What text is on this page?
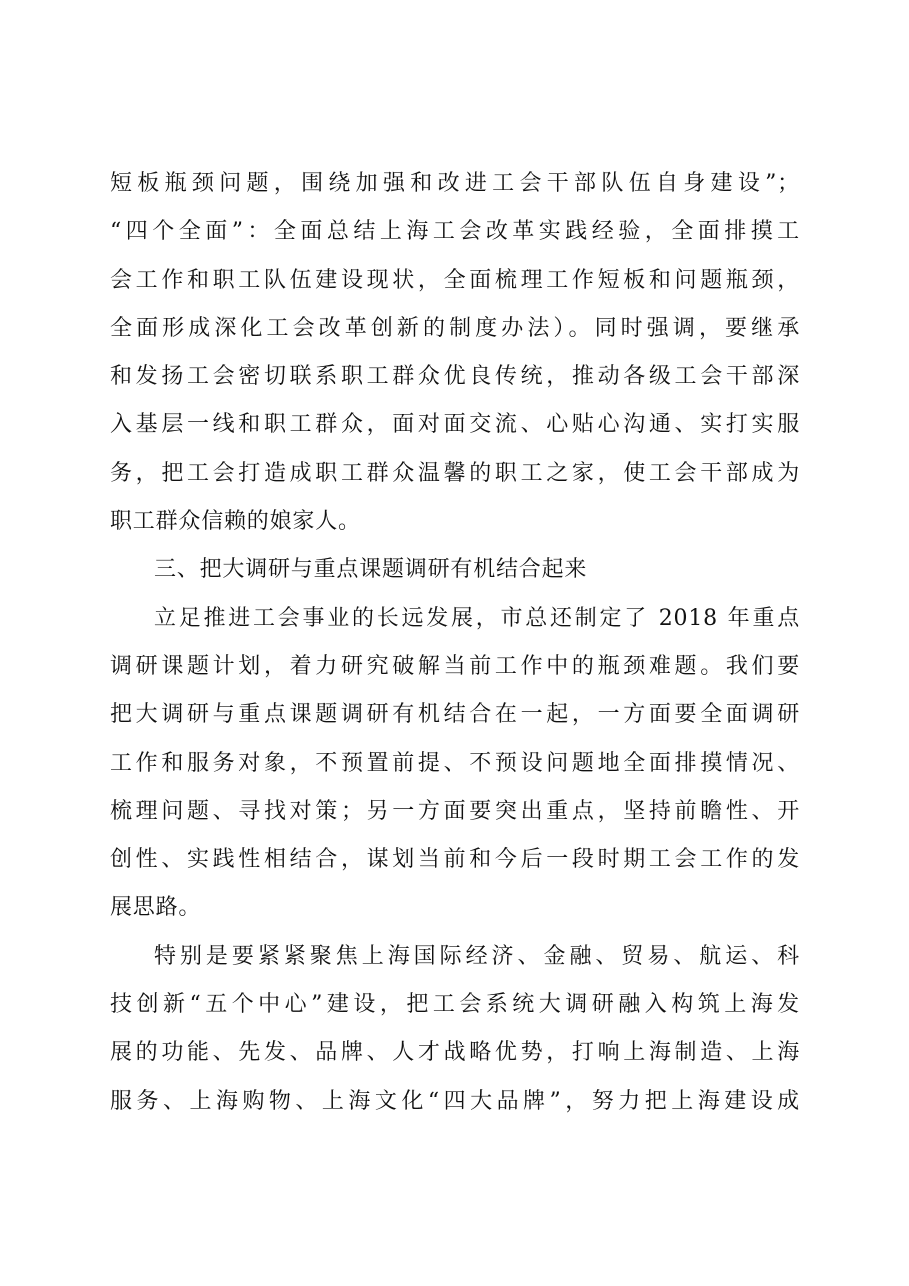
短板瓶颈问题，围绕加强和改进工会干部队伍自身建设”；
“四个全面”：全面总结上海工会改革实践经验，全面排摸工
会工作和职工队伍建设现状，全面梳理工作短板和问题瓶颈，
全面形成深化工会改革创新的制度办法）。同时强调，要继承
和发扬工会密切联系职工群众优良传统，推动各级工会干部深
入基层一线和职工群众，面对面交流、心贴心沟通、实打实服
务，把工会打造成职工群众温馨的职工之家，使工会干部成为
职工群众信赖的娘家人。
三、把大调研与重点课题调研有机结合起来
立足推进工会事业的长远发展，市总还制定了 2018 年重点
调研课题计划，着力研究破解当前工作中的瓶颈难题。我们要
把大调研与重点课题调研有机结合在一起，一方面要全面调研
工作和服务对象，不预置前提、不预设问题地全面排摸情况、
梳理问题、寻找对策；另一方面要突出重点，坚持前瞻性、开
创性、实践性相结合，谋划当前和今后一段时期工会工作的发
展思路。
特别是要紧紧聚焦上海国际经济、金融、贸易、航运、科
技创新“五个中心”建设，把工会系统大调研融入构筑上海发
展的功能、先发、品牌、人才战略优势，打响上海制造、上海
服务、上海购物、上海文化“四大品牌”，努力把上海建设成
